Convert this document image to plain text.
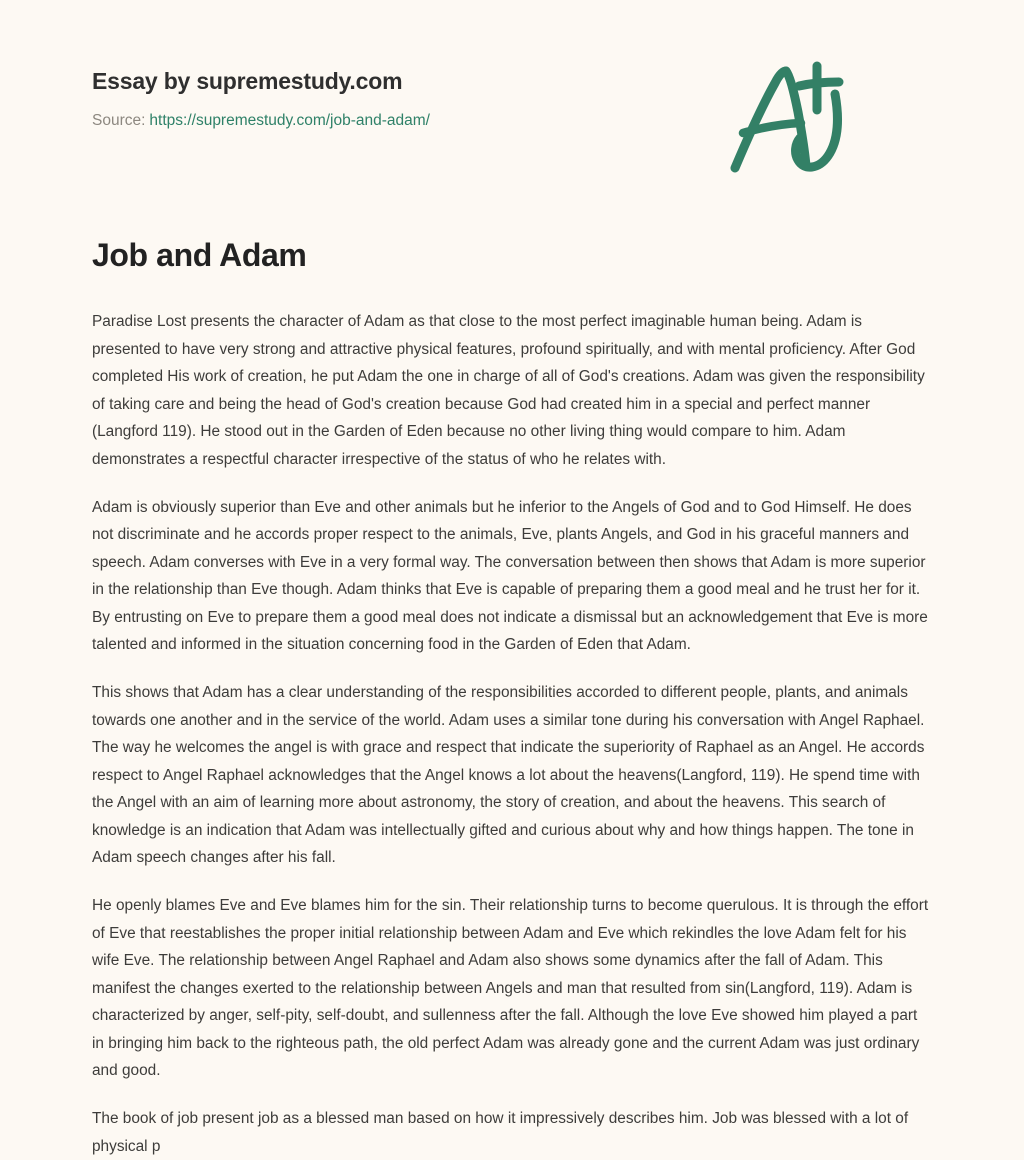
Essay by supremestudy.com
Source: https://supremestudy.com/job-and-adam/
Job and Adam

Paradise Lost presents the character of Adam as that close to the most perfect imaginable human being. Adam is presented to have very strong and attractive physical features, profound spiritually, and with mental proficiency. After God completed His work of creation, he put Adam the one in charge of all of God's creations. Adam was given the responsibility of taking care and being the head of God's creation because God had created him in a special and perfect manner (Langford 119). He stood out in the Garden of Eden because no other living thing would compare to him. Adam demonstrates a respectful character irrespective of the status of who he relates with.

Adam is obviously superior than Eve and other animals but he inferior to the Angels of God and to God Himself. He does not discriminate and he accords proper respect to the animals, Eve, plants Angels, and God in his graceful manners and speech. Adam converses with Eve in a very formal way. The conversation between then shows that Adam is more superior in the relationship than Eve though. Adam thinks that Eve is capable of preparing them a good meal and he trust her for it. By entrusting on Eve to prepare them a good meal does not indicate a dismissal but an acknowledgement that Eve is more talented and informed in the situation concerning food in the Garden of Eden that Adam.

This shows that Adam has a clear understanding of the responsibilities accorded to different people, plants, and animals towards one another and in the service of the world. Adam uses a similar tone during his conversation with Angel Raphael. The way he welcomes the angel is with grace and respect that indicate the superiority of Raphael as an Angel. He accords respect to Angel Raphael acknowledges that the Angel knows a lot about the heavens(Langford, 119). He spend time with the Angel with an aim of learning more about astronomy, the story of creation, and about the heavens. This search of knowledge is an indication that Adam was intellectually gifted and curious about why and how things happen. The tone in Adam speech changes after his fall.

He openly blames Eve and Eve blames him for the sin. Their relationship turns to become querulous. It is through the effort of Eve that reestablishes the proper initial relationship between Adam and Eve which rekindles the love Adam felt for his wife Eve. The relationship between Angel Raphael and Adam also shows some dynamics after the fall of Adam. This manifest the changes exerted to the relationship between Angels and man that resulted from sin(Langford, 119). Adam is characterized by anger, self-pity, self-doubt, and sullenness after the fall. Although the love Eve showed him played a part in bringing him back to the righteous path, the old perfect Adam was already gone and the current Adam was just ordinary and good.

The book of job present job as a blessed man based on how it impressively describes him. Job was blessed with a lot of physical p
